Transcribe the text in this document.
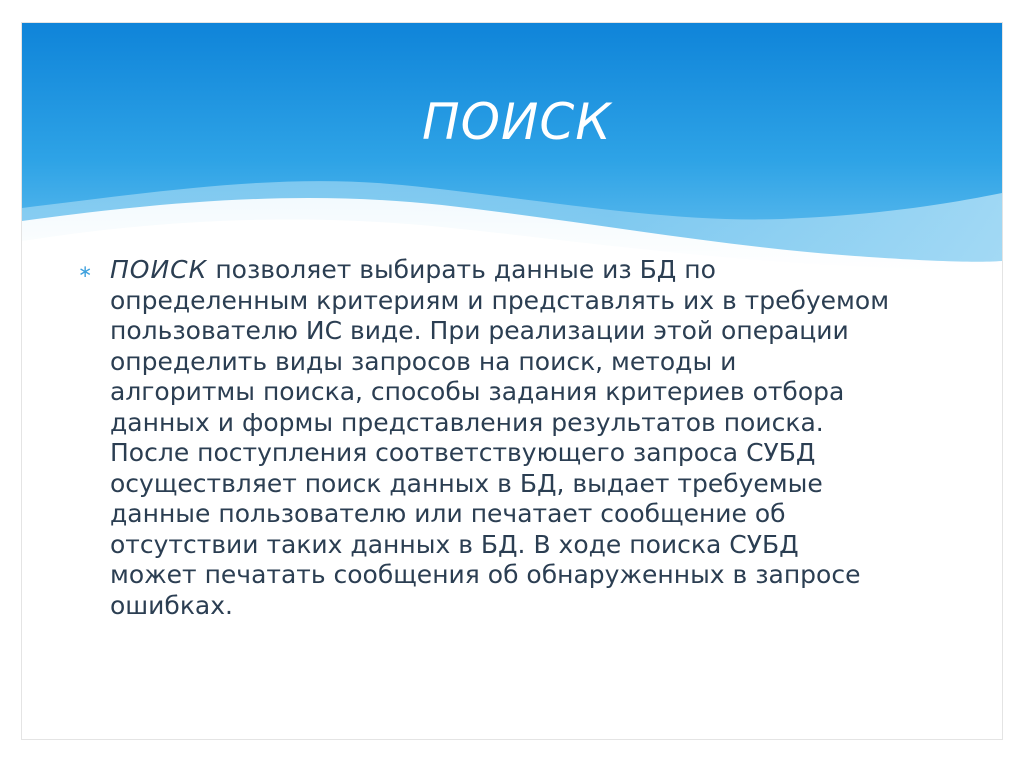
ПОИСК
∗ ПОИСК позволяет выбирать данные из БД по
определенным критериям и представлять их в требуемом
пользователю ИС виде. При реализации этой операции
определить виды запросов на поиск, методы и
алгоритмы поиска, способы задания критериев отбора
данных и формы представления результатов поиска.
После поступления соответствующего запроса СУБД
осуществляет поиск данных в БД, выдает требуемые
данные пользователю или печатает сообщение об
отсутствии таких данных в БД. В ходе поиска СУБД
может печатать сообщения об обнаруженных в запросе
ошибках.
